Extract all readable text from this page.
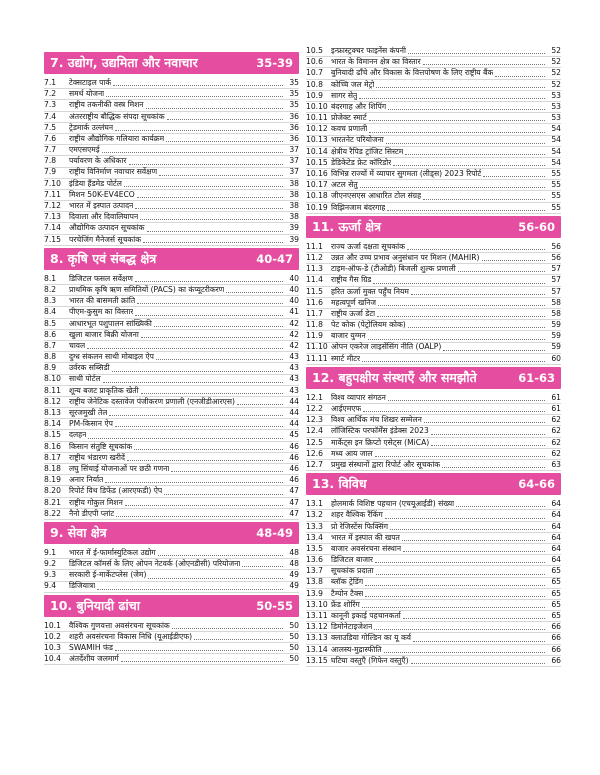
7. उद्योग, उद्यमिता और नवाचार	35-39
7.1	टेक्सटाइल पार्क	35
7.2	समर्थ योजना	35
7.3	राष्ट्रीय तकनीकी वस्त्र मिशन	35
7.4	अंतरराष्ट्रीय बौद्धिक संपदा सूचकांक	36
7.5	ट्रेडमार्क उल्लंघन	36
7.6	राष्ट्रीय औद्योगिक गलियारा कार्यक्रम	36
7.7	एमएसएमई	37
7.8	पर्यावरण के अधिकार	37
7.9	राष्ट्रीय विनिर्माण नवाचार सर्वेक्षण	37
7.10	इंडिया हैंडमेड पोर्टल	38
7.11	मिशन 50K-EV4ECO	38
7.12	भारत में इस्पात उत्पादन	38
7.13	दिवाला और दिवालियापन	38
7.14	औद्योगिक उत्पादन सूचकांक	39
7.15	परचेजिंग मैनेजर्स सूचकांक	39
8. कृषि एवं संबद्ध क्षेत्र	40-47
8.1	डिजिटल फसल सर्वेक्षण	40
8.2	प्राथमिक कृषि ऋण समितियों (PACS) का कंप्यूटरीकरण	40
8.3	भारत की बासमती क्रांति	40
8.4	पीएम-कुसुम का विस्तार	41
8.5	आधारभूत पशुपालन सांख्यिकी	42
8.6	खुला बाजार बिक्री योजना	42
8.7	चावल	42
8.8	दुग्ध संकलन साथी मोबाइल ऐप	43
8.9	उर्वरक सब्सिडी	43
8.10	साथी पोर्टल	43
8.11	शून्य बजट प्राकृतिक खेती	43
8.12	राष्ट्रीय जेनेटिक दस्तावेज पंजीकरण प्रणाली (एनजीडीआरएस)	44
8.13	सूरजमुखी तेल	44
8.14	PM-किसान ऐप	44
8.15	दलहन	45
8.16	किसान संतुष्टि सूचकांक	46
8.17	राष्ट्रीय भंडारण खरीदें	46
8.18	लघु सिंचाई योजनाओं पर छठी गणना	46
8.19	अनार निर्यात	46
8.20	रिपोर्ट विथ डिफेंड (आरएफडी) ऐप	47
8.21	राष्ट्रीय गोकुल मिशन	47
8.22	नैनो डीएपी प्लांट	47
9. सेवा क्षेत्र	48-49
9.1	भारत में ई-फार्मास्युटिकल उद्योग	48
9.2	डिजिटल कॉमर्स के लिए ओपन नेटवर्क (ओएनडीसी) परियोजना	48
9.3	सरकारी ई-मार्केटप्लेस (जेम)	49
9.4	डिजियात्रा	49
10. बुनियादी ढांचा	50-55
10.1	वैश्विक गुणवत्ता अवसंरचना सूचकांक	50
10.2	शहरी अवसंरचना विकास निधि (यूआईडीएफ)	50
10.3	SWAMIH फंड	50
10.4	अंतर्देशीय जलमार्ग	50
10.5	इन्फ्रास्ट्रक्चर फाइनेंस कंपनी	52
10.6	भारत के विमानन क्षेत्र का विस्तार	52
10.7	बुनियादी ढाँचे और विकास के वित्तपोषण के लिए राष्ट्रीय बैंक	52
10.8	कोच्चि जल मेट्रो	52
10.9	सागर सेतु	53
10.10 बंदरगाह और शिपिंग	53
10.11 प्रोजेक्ट स्मार्ट	53
10.12 कवच प्रणाली	54
10.13 भारतनेट परियोजना	54
10.14 क्षेत्रीय रैपिड ट्रांजिट सिस्टम	54
10.15 डेडिकेटेड फ्रेट कॉरिडोर	54
10.16 विभिन्न राज्यों में व्यापार सुगमता (लीड्स) 2023 रिपोर्ट	55
10.17 अटल सेतु	55
10.18 जीएनएसएस आधारित टोल संग्रह	55
10.19 विझिनजाम बंदरगाह	55
11. ऊर्जा क्षेत्र	56-60
11.1	राज्य ऊर्जा दक्षता सूचकांक	56
11.2	उन्नत और उच्च प्रभाव अनुसंधान पर मिशन (MAHIR)	56
11.3	टाइम-ऑफ-डे (टीओडी) बिजली शुल्क प्रणाली	57
11.4	राष्ट्रीय गैस ग्रिड	57
11.5	हरित ऊर्जा मुक्त पहुँच नियम	57
11.6	महत्वपूर्ण खनिज	58
11.7	राष्ट्रीय ऊर्जा डेटा	58
11.8	पेट कोक (पेट्रोलियम कोक)	59
11.9	बाजार युग्मन	59
11.10 ओपन एकरेज लाइसेंसिंग नीति (OALP)	59
11.11 स्मार्ट मीटर	60
12. बहुपक्षीय संस्थाएँ और समझौते	61-63
12.1	विश्व व्यापार संगठन	61
12.2	आईएमएफ	61
12.3	विश्व आर्थिक मंच शिखर सम्मेलन	62
12.4	लॉजिस्टिक परफॉर्मेंस इंडेक्स 2023	62
12.5	मार्केट्स इन क्रिप्टो एसेट्स (MiCA)	62
12.6	मध्य आय जाल	62
12.7	प्रमुख संस्थानों द्वारा रिपोर्ट और सूचकांक	63
13. विविध	64-66
13.1	होलमार्क विशिष्ट पहचान (एचयूआईडी) संख्या	64
13.2	शहर वैश्विक रैंकिंग	64
13.3	प्रो रेजिस्टेंस फिक्सिंग	64
13.4	भारत में इस्पात की खपत	64
13.5	बाजार अवसंरचना संस्थान	64
13.6	डिजिटल बाजार	64
13.7	सूचकांक प्रदाता	65
13.8	ब्लॉक ट्रेडिंग	65
13.9	टैम्पोन टैक्स	65
13.10 फ्रेंड शोरिंग	65
13.11 कानूनी इकाई पहचानकर्ता	65
13.12 डिमोनेटाइजेशन	66
13.13 क्लाउडिया गोल्डिन का यू कर्व	66
13.14 आलस्य-मुद्रास्फीति	66
13.15 घटिया वस्तुएँ (गिफेन वस्तुएँ)	66
